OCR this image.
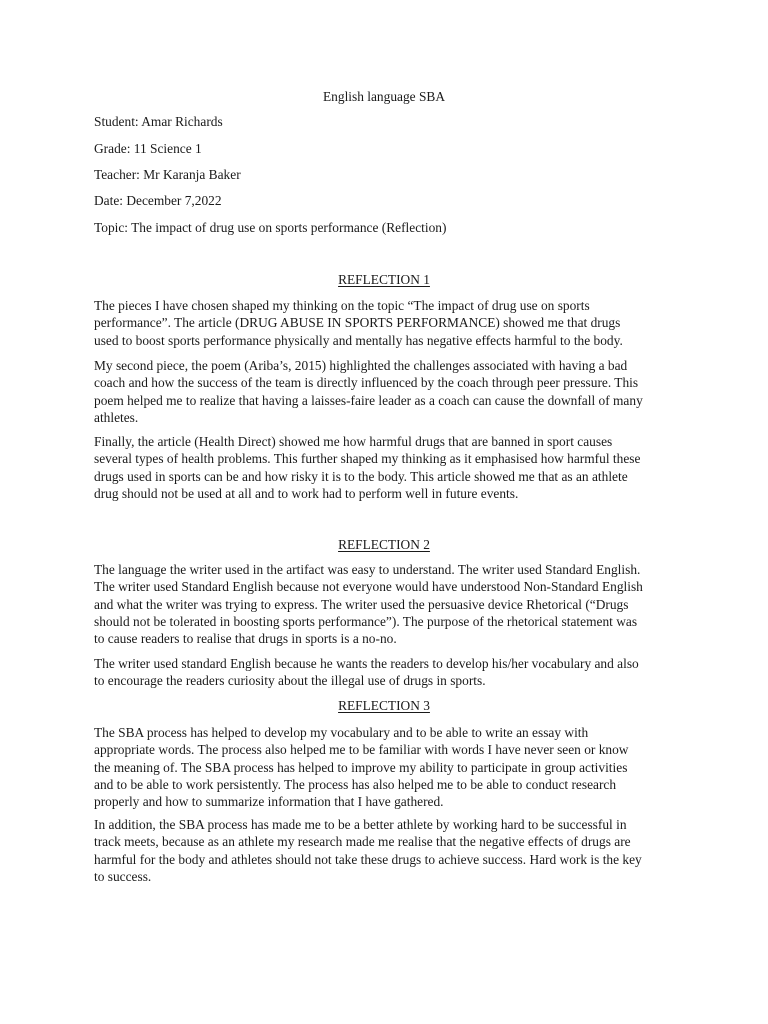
English language SBA

Student: Amar Richards

Grade: 11 Science 1

Teacher: Mr Karanja Baker

Date: December 7,2022

Topic: The impact of drug use on sports performance (Reflection)

REFLECTION 1

The pieces I have chosen shaped my thinking on the topic “The impact of drug use on sports
performance”. The article (DRUG ABUSE IN SPORTS PERFORMANCE) showed me that drugs
used to boost sports performance physically and mentally has negative effects harmful to the body.
My second piece, the poem (Ariba’s, 2015) highlighted the challenges associated with having a bad
coach and how the success of the team is directly influenced by the coach through peer pressure. This
poem helped me to realize that having a laisses-faire leader as a coach can cause the downfall of many
athletes.
Finally, the article (Health Direct) showed me how harmful drugs that are banned in sport causes
several types of health problems. This further shaped my thinking as it emphasised how harmful these
drugs used in sports can be and how risky it is to the body. This article showed me that as an athlete
drug should not be used at all and to work had to perform well in future events.

REFLECTION 2

The language the writer used in the artifact was easy to understand. The writer used Standard English.
The writer used Standard English because not everyone would have understood Non-Standard English
and what the writer was trying to express. The writer used the persuasive device Rhetorical (“Drugs
should not be tolerated in boosting sports performance”). The purpose of the rhetorical statement was
to cause readers to realise that drugs in sports is a no-no.
The writer used standard English because he wants the readers to develop his/her vocabulary and also
to encourage the readers curiosity about the illegal use of drugs in sports.

REFLECTION 3

The SBA process has helped to develop my vocabulary and to be able to write an essay with
appropriate words. The process also helped me to be familiar with words I have never seen or know
the meaning of. The SBA process has helped to improve my ability to participate in group activities
and to be able to work persistently. The process has also helped me to be able to conduct research
properly and how to summarize information that I have gathered.
In addition, the SBA process has made me to be a better athlete by working hard to be successful in
track meets, because as an athlete my research made me realise that the negative effects of drugs are
harmful for the body and athletes should not take these drugs to achieve success. Hard work is the key
to success.
